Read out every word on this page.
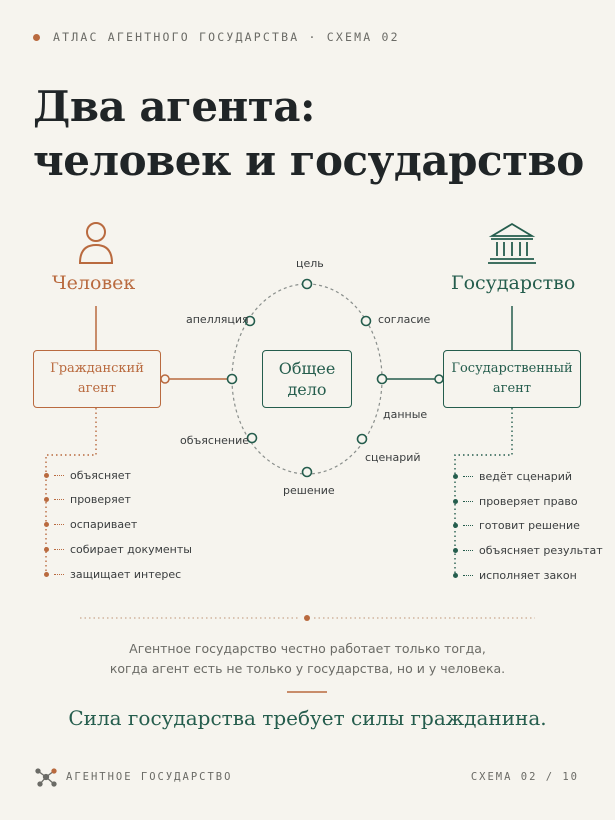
АТЛАС АГЕНТНОГО ГОСУДАРСТВА · СХЕМА 02
Два агента:
человек и государство
Человек	Государство
Гражданский
агент
Общее
дело
Государственный
агент
цель
согласие
данные
сценарий
решение
объяснение
апелляция
объясняет
проверяет
оспаривает
собирает документы
защищает интерес
ведёт сценарий
проверяет право
готовит решение
объясняет результат
исполняет закон
Агентное государство честно работает только тогда,
когда агент есть не только у государства, но и у человека.
Сила государства требует силы гражданина.
АГЕНТНОЕ ГОСУДАРСТВО	СХЕМА 02 / 10
